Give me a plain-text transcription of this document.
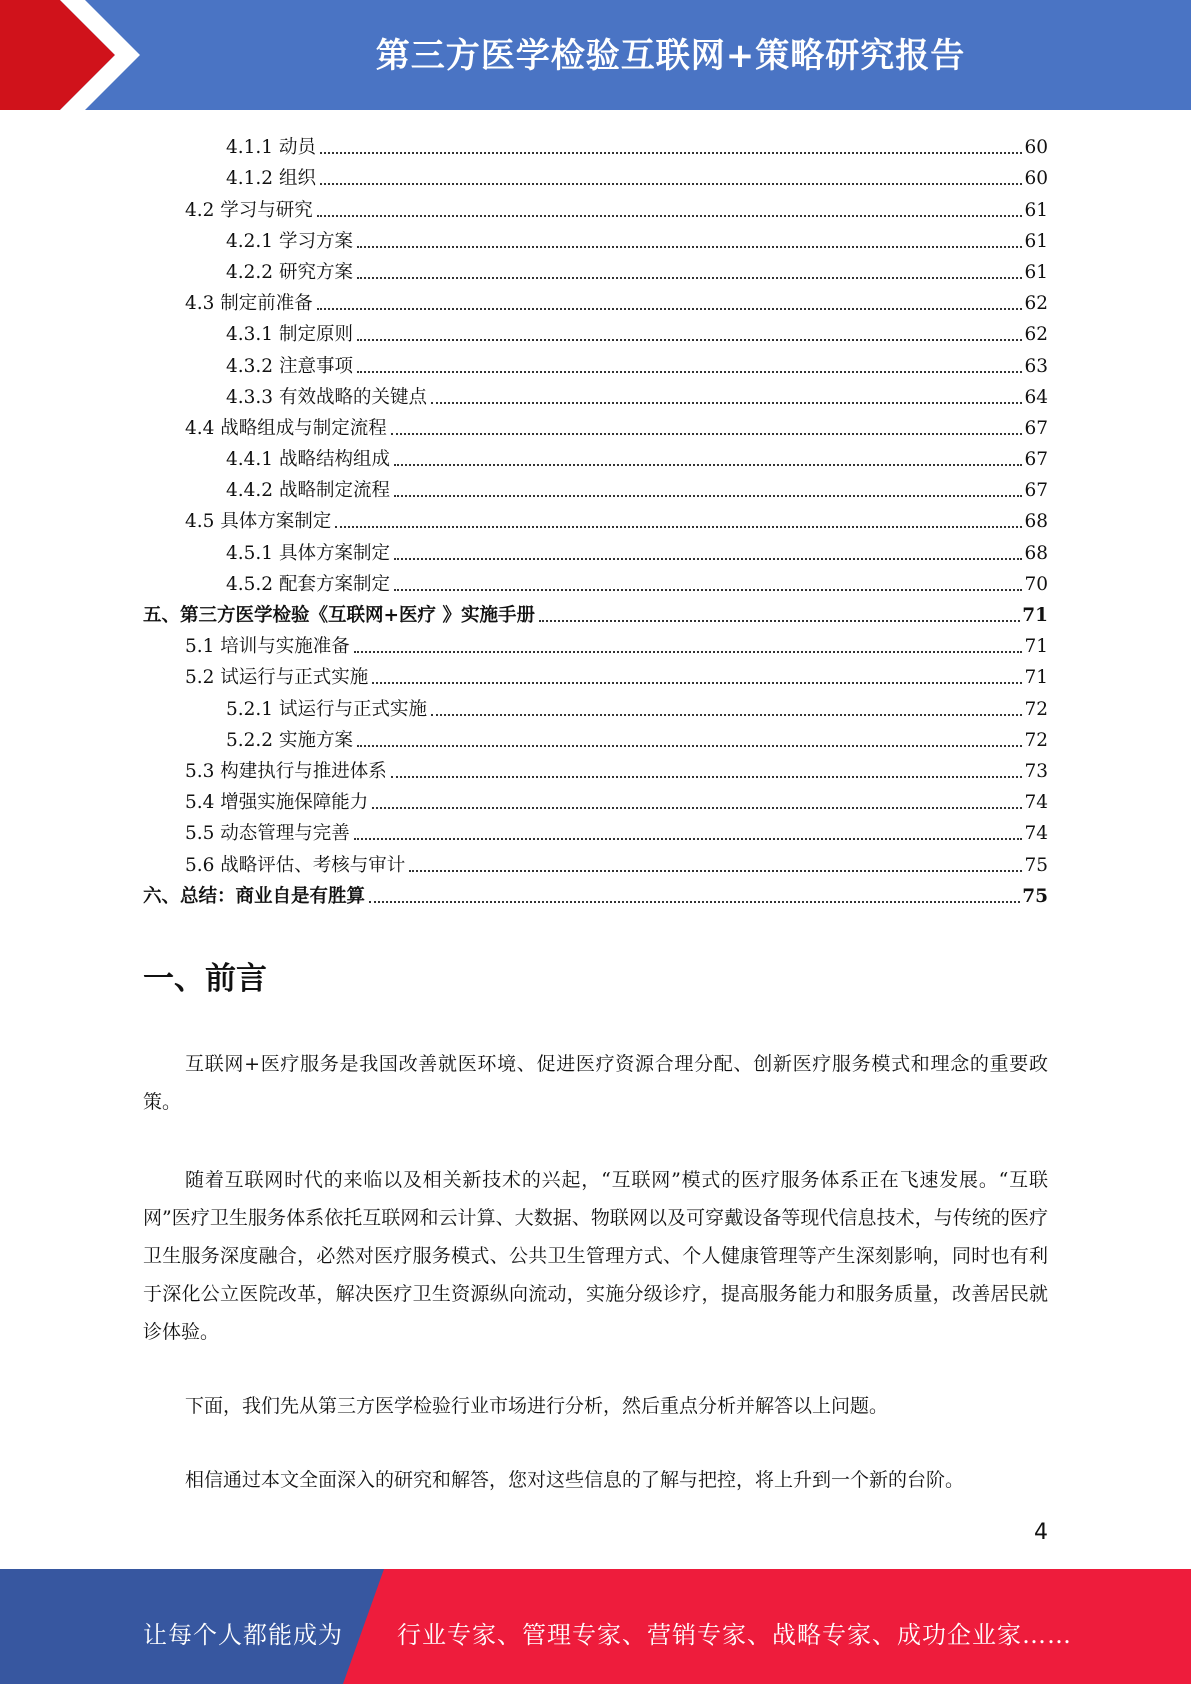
第三方医学检验互联网+策略研究报告
4.1.1 动员	60
4.1.2 组织	60
4.2 学习与研究	61
4.2.1 学习方案	61
4.2.2 研究方案	61
4.3 制定前准备	62
4.3.1 制定原则	62
4.3.2 注意事项	63
4.3.3 有效战略的关键点	64
4.4 战略组成与制定流程	67
4.4.1 战略结构组成	67
4.4.2 战略制定流程	67
4.5 具体方案制定	68
4.5.1 具体方案制定	68
4.5.2 配套方案制定	70
五、第三方医学检验《互联网+医疗 》实施手册	71
5.1 培训与实施准备	71
5.2 试运行与正式实施	71
5.2.1 试运行与正式实施	72
5.2.2 实施方案	72
5.3 构建执行与推进体系	73
5.4 增强实施保障能力	74
5.5 动态管理与完善	74
5.6 战略评估、考核与审计	75
六、总结：商业自是有胜算	75
一、前言

互联网+医疗服务是我国改善就医环境、促进医疗资源合理分配、创新医疗服务模式和理念的重要政策。

随着互联网时代的来临以及相关新技术的兴起，“互联网”模式的医疗服务体系正在飞速发展。“互联网”医疗卫生服务体系依托互联网和云计算、大数据、物联网以及可穿戴设备等现代信息技术，与传统的医疗卫生服务深度融合，必然对医疗服务模式、公共卫生管理方式、个人健康管理等产生深刻影响，同时也有利于深化公立医院改革，解决医疗卫生资源纵向流动，实施分级诊疗，提高服务能力和服务质量，改善居民就诊体验。

下面，我们先从第三方医学检验行业市场进行分析，然后重点分析并解答以上问题。

相信通过本文全面深入的研究和解答，您对这些信息的了解与把控，将上升到一个新的台阶。

4
让每个人都能成为 行业专家、管理专家、营销专家、战略专家、成功企业家……
